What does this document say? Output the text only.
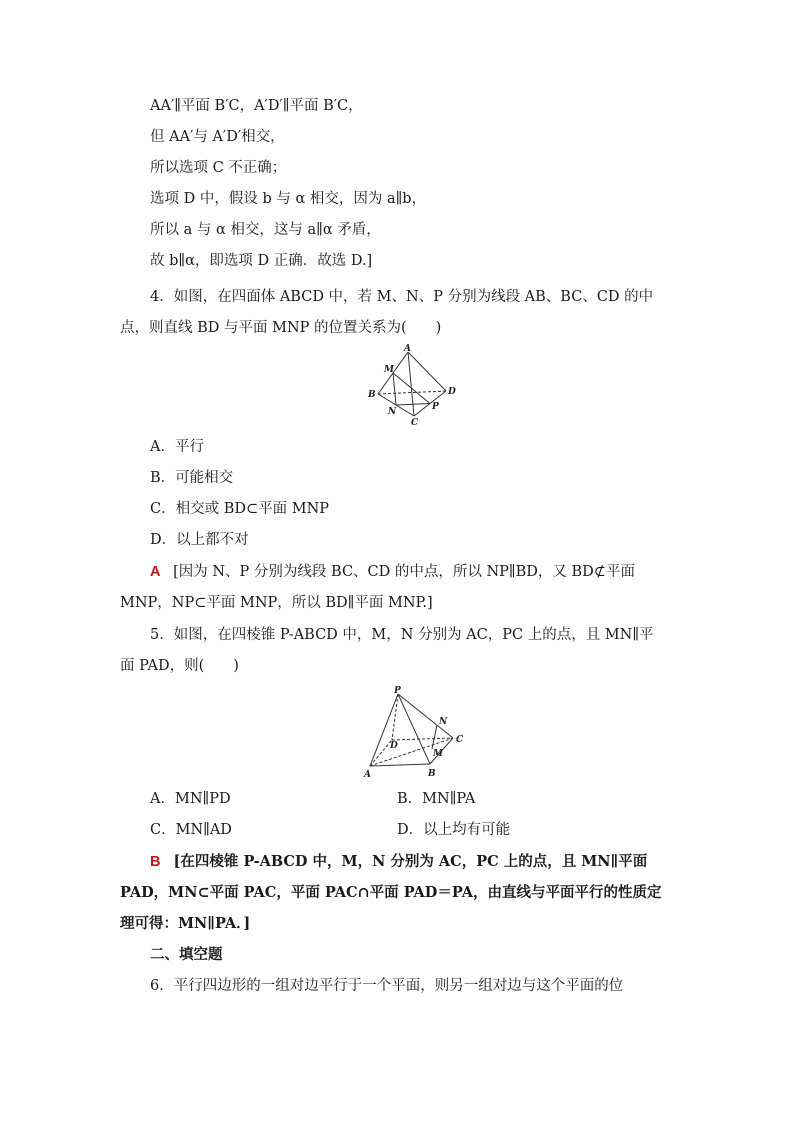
AA′∥平面 B′C，A′D′∥平面 B′C，
但 AA′与 A′D′相交，
所以选项 C 不正确；
选项 D 中，假设 b 与 α 相交，因为 a∥b，
所以 a 与 α 相交，这与 a∥α 矛盾，
故 b∥α，即选项 D 正确．故选 D.]
4．如图，在四面体 ABCD 中，若 M、N、P 分别为线段 AB、BC、CD 的中
点，则直线 BD 与平面 MNP 的位置关系为(　　)
A
B
C
D
M
N	P
A．平行
B．可能相交
C．相交或 BD⊂平面 MNP
D．以上都不对
A [因为 N、P 分别为线段 BC、CD 的中点，所以 NP∥BD，又 BD⊄平面
MNP，NP⊂平面 MNP，所以 BD∥平面 MNP.]
5．如图，在四棱锥 P-ABCD 中，M，N 分别为 AC，PC 上的点，且 MN∥平
面 PAD，则(　　)
P
N
C
D
M
A	B
A．MN∥PD	B．MN∥PA
C．MN∥AD	D．以上均有可能
B [在四棱锥 P-ABCD 中，M，N 分别为 AC，PC 上的点，且 MN∥平面
PAD，MN⊂平面 PAC，平面 PAC∩平面 PAD＝PA，由直线与平面平行的性质定
理可得：MN∥PA．]
二、填空题
6．平行四边形的一组对边平行于一个平面，则另一组对边与这个平面的位
